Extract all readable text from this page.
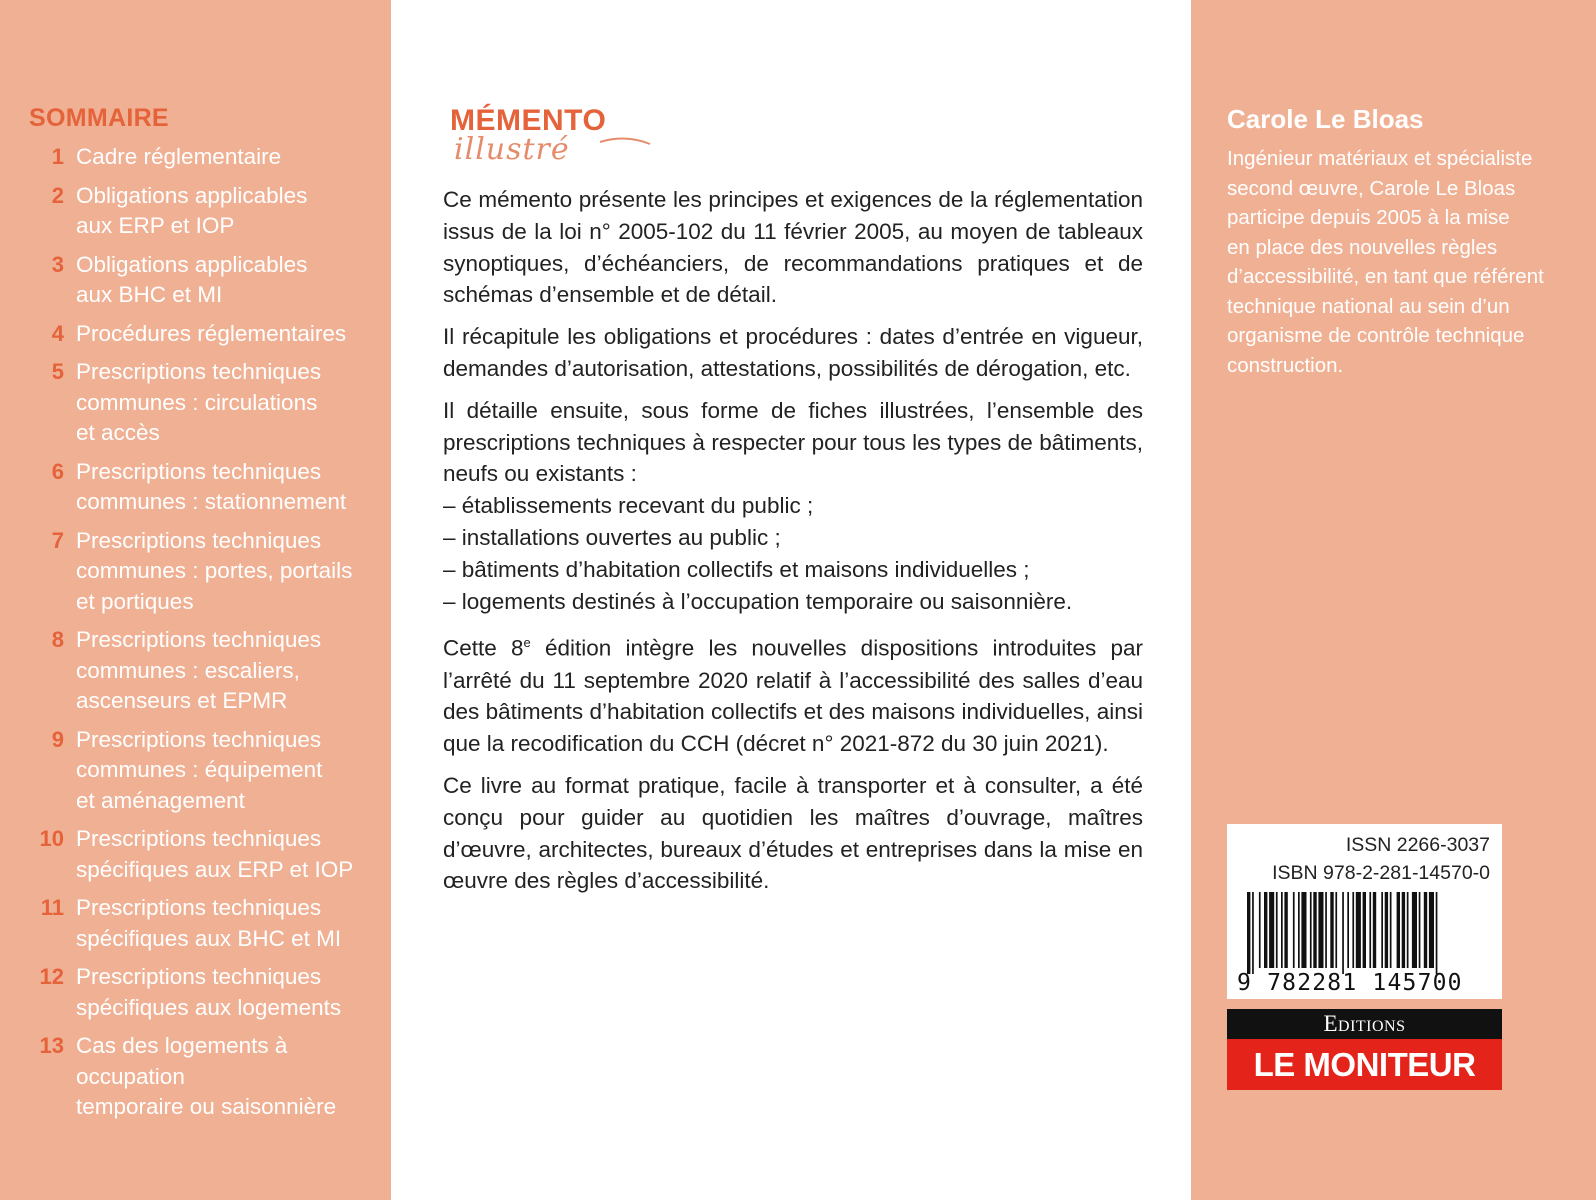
SOMMAIRE
1 Cadre réglementaire
2 Obligations applicables
aux ERP et IOP
3 Obligations applicables
aux BHC et MI
4 Procédures réglementaires
5 Prescriptions techniques
communes : circulations
et accès
6 Prescriptions techniques
communes : stationnement
7 Prescriptions techniques
communes : portes, portails
et portiques
8 Prescriptions techniques
communes : escaliers,
ascenseurs et EPMR
9 Prescriptions techniques
communes : équipement
et aménagement
10 Prescriptions techniques
spécifiques aux ERP et IOP
11 Prescriptions techniques
spécifiques aux BHC et MI
12 Prescriptions techniques
spécifiques aux logements
13 Cas des logements à occupation
temporaire ou saisonnière
MÉMENTO
illustré

Ce mémento présente les principes et exigences de la réglementation issus de la loi n° 2005-102 du 11 février 2005, au moyen de tableaux synoptiques, d’échéanciers, de recommandations pratiques et de schémas d’ensemble et de détail.

Il récapitule les obligations et procédures : dates d’entrée en vigueur, demandes d’autorisation, attestations, possibilités de dérogation, etc.

Il détaille ensuite, sous forme de fiches illustrées, l’ensemble des prescriptions techniques à respecter pour tous les types de bâtiments, neufs ou existants :

– établissements recevant du public ;
– installations ouvertes au public ;
– bâtiments d’habitation collectifs et maisons individuelles ;
– logements destinés à l’occupation temporaire ou saisonnière.

Cette 8e édition intègre les nouvelles dispositions introduites par l’arrêté du 11 septembre 2020 relatif à l’accessibilité des salles d’eau des bâtiments d’habitation collectifs et des maisons individuelles, ainsi que la recodification du CCH (décret n° 2021-872 du 30 juin 2021).

Ce livre au format pratique, facile à transporter et à consulter, a été conçu pour guider au quotidien les maîtres d’ouvrage, maîtres d’œuvre, architectes, bureaux d’études et entreprises dans la mise en œuvre des règles d’accessibilité.

Carole Le Bloas
Ingénieur matériaux et spécialiste
second œuvre, Carole Le Bloas
participe depuis 2005 à la mise
en place des nouvelles règles
d’accessibilité, en tant que référent
technique national au sein d’un
organisme de contrôle technique
construction.
ISSN 2266-3037
ISBN 978-2-281-14570-0
9 782281 145700
Editions
LE MONITEUR
